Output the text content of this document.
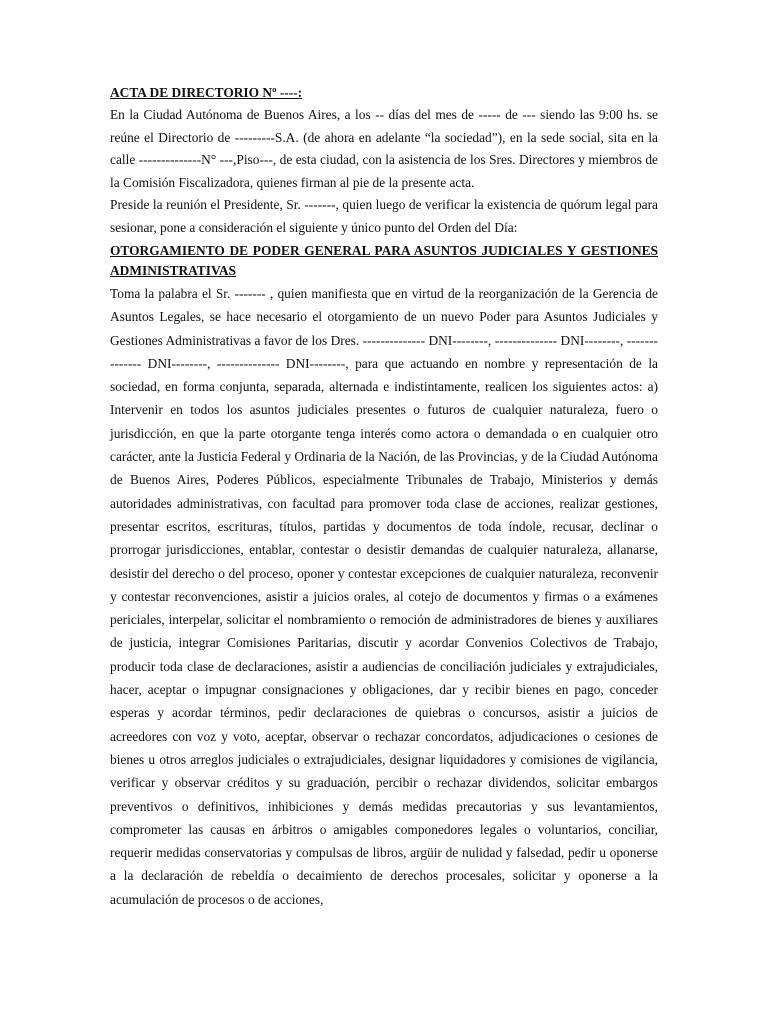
ACTA DE DIRECTORIO Nº ----:

En la Ciudad Autónoma de Buenos Aires, a los -- días del mes de ----- de --- siendo las 9:00 hs. se reúne el Directorio de ---------S.A. (de ahora en adelante “la sociedad”), en la sede social, sita en la calle --------------N° ---,Piso---, de esta ciudad, con la asistencia de los Sres. Directores y miembros de la Comisión Fiscalizadora, quienes firman al pie de la presente acta.

Preside la reunión el Presidente, Sr. -------, quien luego de verificar la existencia de quórum legal para sesionar, pone a consideración el siguiente y único punto del Orden del Día:

OTORGAMIENTO DE PODER GENERAL PARA ASUNTOS JUDICIALES Y GESTIONES ADMINISTRATIVAS

Toma la palabra el Sr. ------- , quien manifiesta que en virtud de la reorganización de la Gerencia de Asuntos Legales, se hace necesario el otorgamiento de un nuevo Poder para Asuntos Judiciales y Gestiones Administrativas a favor de los Dres. -------------- DNI--------, -------------- DNI--------, -------------- DNI--------, -------------- DNI--------, para que actuando en nombre y representación de la sociedad, en forma conjunta, separada, alternada e indistintamente, realicen los siguientes actos: a) Intervenir en todos los asuntos judiciales presentes o futuros de cualquier naturaleza, fuero o jurisdicción, en que la parte otorgante tenga interés como actora o demandada o en cualquier otro carácter, ante la Justicia Federal y Ordinaria de la Nación, de las Provincias, y de la Ciudad Autónoma de Buenos Aires, Poderes Públicos, especialmente Tribunales de Trabajo, Ministerios y demás autoridades administrativas, con facultad para promover toda clase de acciones, realizar gestiones, presentar escritos, escrituras, títulos, partidas y documentos de toda índole, recusar, declinar o prorrogar jurisdicciones, entablar, contestar o desistir demandas de cualquier naturaleza, allanarse, desistir del derecho o del proceso, oponer y contestar excepciones de cualquier naturaleza, reconvenir y contestar reconvenciones, asistir a juicios orales, al cotejo de documentos y firmas o a exámenes periciales, interpelar, solicitar el nombramiento o remoción de administradores de bienes y auxiliares de justicia, integrar Comisiones Paritarias, discutir y acordar Convenios Colectivos de Trabajo, producir toda clase de declaraciones, asistir a audiencias de conciliación judiciales y extrajudiciales, hacer, aceptar o impugnar consignaciones y obligaciones, dar y recibir bienes en pago, conceder esperas y acordar términos, pedir declaraciones de quiebras o concursos, asistir a juicios de acreedores con voz y voto, aceptar, observar o rechazar concordatos, adjudicaciones o cesiones de bienes u otros arreglos judiciales o extrajudiciales, designar liquidadores y comisiones de vigilancia, verificar y observar créditos y su graduación, percibir o rechazar dividendos, solicitar embargos preventivos o definitivos, inhibiciones y demás medidas precautorias y sus levantamientos, comprometer las causas en árbitros o amigables componedores legales o voluntarios, conciliar, requerir medidas conservatorias y compulsas de libros, argüir de nulidad y falsedad, pedir u oponerse a la declaración de rebeldía o decaimiento de derechos procesales, solicitar y oponerse a la acumulación de procesos o de acciones,
